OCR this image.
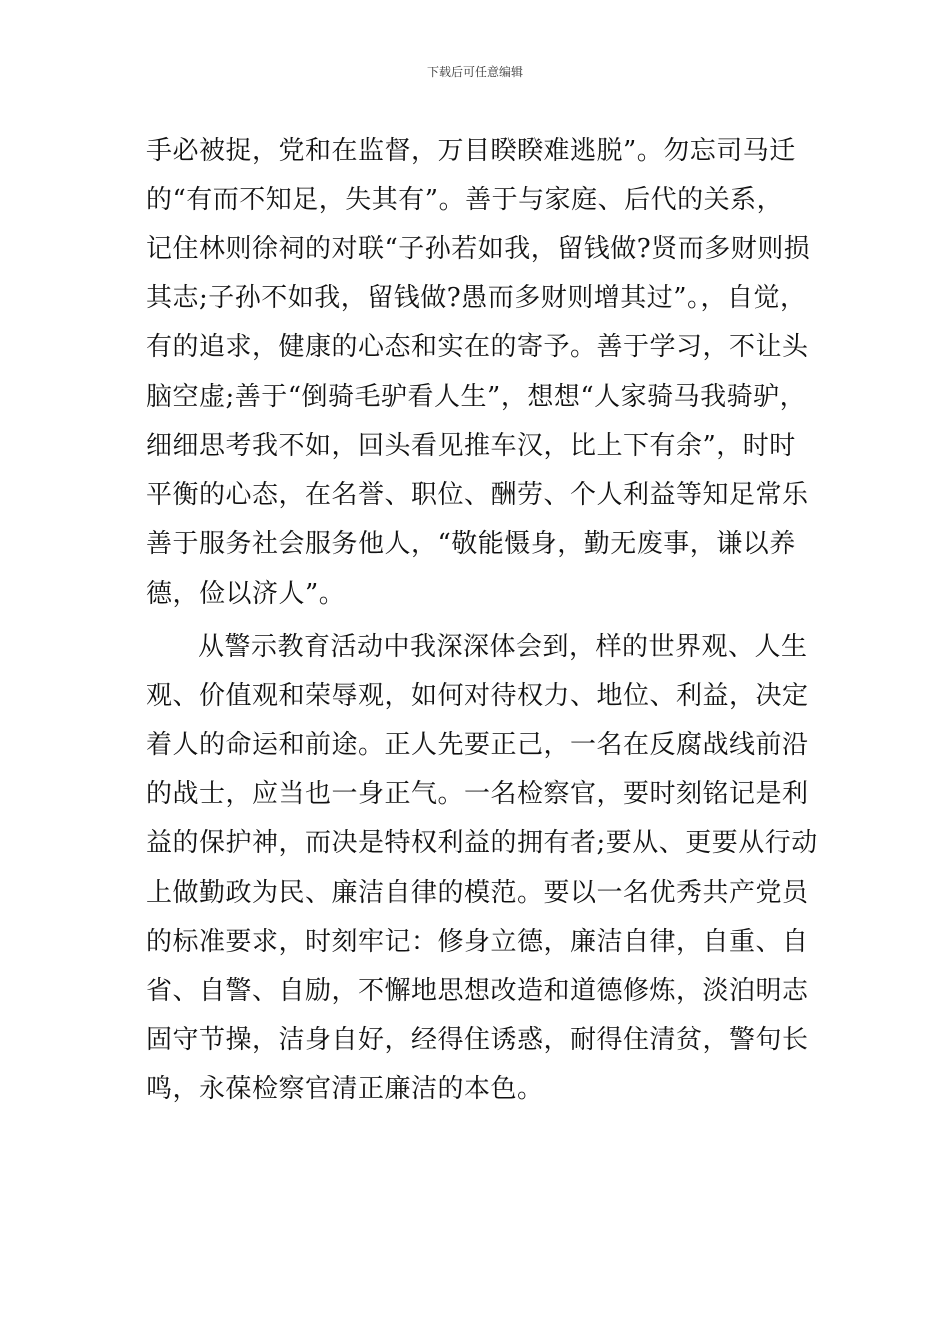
下载后可任意编辑
手必被捉，党和在监督，万目睽睽难逃脱”。勿忘司马迁
的“有而不知足，失其有”。善于与家庭、后代的关系，
记住林则徐祠的对联“子孙若如我，留钱做?贤而多财则损
其志;子孙不如我，留钱做?愚而多财则增其过”。，自觉，
有的追求，健康的心态和实在的寄予。善于学习，不让头
脑空虚;善于“倒骑毛驴看人生”，想想“人家骑马我骑驴，
细细思考我不如，回头看见推车汉，比上下有余”，时时
平衡的心态，在名誉、职位、酬劳、个人利益等知足常乐
善于服务社会服务他人，“敬能慑身，勤无废事，谦以养
德，俭以济人”。
从警示教育活动中我深深体会到，样的世界观、人生
观、价值观和荣辱观，如何对待权力、地位、利益，决定
着人的命运和前途。正人先要正己，一名在反腐战线前沿
的战士，应当也一身正气。一名检察官，要时刻铭记是利
益的保护神，而决是特权利益的拥有者;要从、更要从行动
上做勤政为民、廉洁自律的模范。要以一名优秀共产党员
的标准要求，时刻牢记：修身立德，廉洁自律，自重、自
省、自警、自励，不懈地思想改造和道德修炼，淡泊明志
固守节操，洁身自好，经得住诱惑，耐得住清贫，警句长
鸣，永葆检察官清正廉洁的本色。
